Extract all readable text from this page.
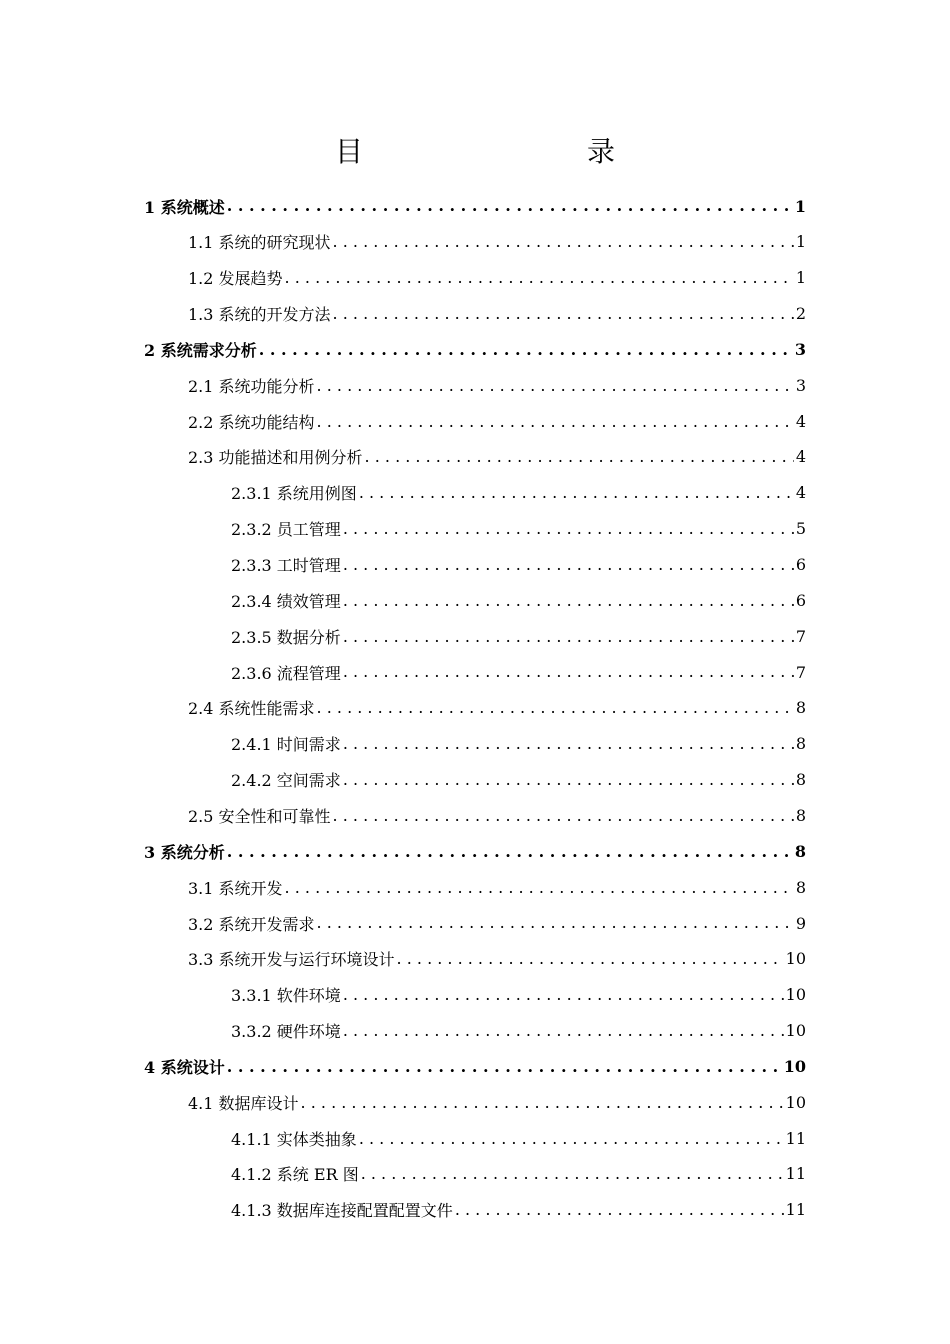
目　　录
1 系统概述 . . .	1
1.1 系统的研究现状 . . .	1
1.2 发展趋势 . . .	1
1.3 系统的开发方法 . . .	2
2 系统需求分析 . . .	3
2.1 系统功能分析 . . .	3
2.2 系统功能结构 . . .	4
2.3 功能描述和用例分析 . . .	4
2.3.1 系统用例图 . . .	4
2.3.2 员工管理 . . .	5
2.3.3 工时管理 . . .	6
2.3.4 绩效管理 . . .	6
2.3.5 数据分析 . . .	7
2.3.6 流程管理 . . .	7
2.4 系统性能需求 . . .	8
2.4.1 时间需求 . . .	8
2.4.2 空间需求 . . .	8
2.5 安全性和可靠性 . . .	8
3 系统分析 . . .	8
3.1 系统开发 . . .	8
3.2 系统开发需求 . . .	9
3.3 系统开发与运行环境设计 . . .	10
3.3.1 软件环境 . . .	10
3.3.2 硬件环境 . . .	10
4 系统设计 . . .	10
4.1 数据库设计 . . .	10
4.1.1 实体类抽象 . . .	11
4.1.2 系统 ER 图 . . .	11
4.1.3 数据库连接配置配置文件 . . .	11
